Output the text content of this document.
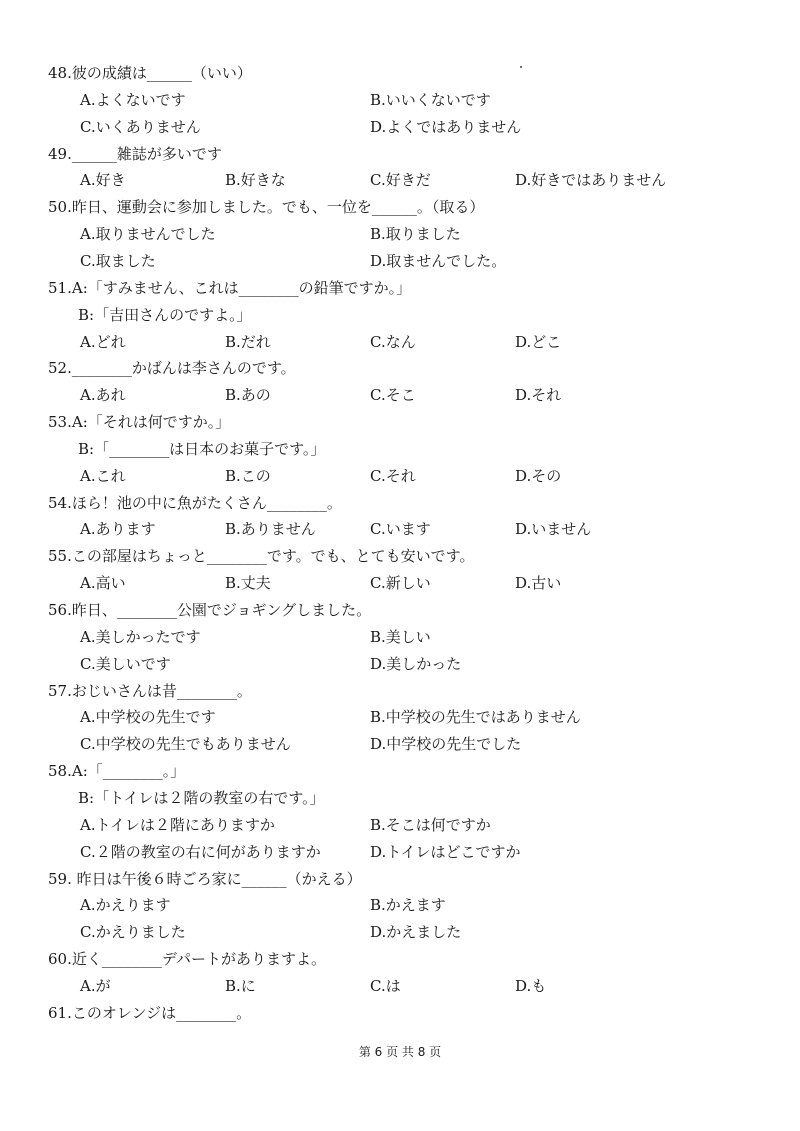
48.彼の成績は______（いい）
A.よくないです	B.いいくないです
C.いくありません	D.よくではありません
49.______雑誌が多いです
A.好き	B.好きな	C.好きだ	D.好きではありません
50.昨日、運動会に参加しました。でも、一位を______。（取る）
A.取りませんでした	B.取りました
C.取ました	D.取ませんでした。
51.A:「すみません、これは________の鉛筆ですか。」
B:「吉田さんのですよ。」
A.どれ	B.だれ	C.なん	D.どこ
52.________かばんは李さんのです。
A.あれ	B.あの	C.そこ	D.それ
53.A:「それは何ですか。」
B:「________は日本のお菓子です。」
A.これ	B.この	C.それ	D.その
54.ほら！池の中に魚がたくさん________。
A.あります	B.ありません	C.います	D.いません
55.この部屋はちょっと________です。でも、とても安いです。
A.高い	B.丈夫	C.新しい	D.古い
56.昨日、________公園でジョギングしました。
A.美しかったです	B.美しい
C.美しいです	D.美しかった
57.おじいさんは昔________。
A.中学校の先生です	B.中学校の先生ではありません
C.中学校の先生でもありません	D.中学校の先生でした
58.A:「________。」
B:「トイレは２階の教室の右です。」
A.トイレは２階にありますか	B.そこは何ですか
C.２階の教室の右に何がありますか	D.トイレはどこですか
59. 昨日は午後６時ごろ家に______（かえる）
A.かえります	B.かえます
C.かえりました	D.かえました
60.近く________デパートがありますよ。
A.が	B.に	C.は	D.も
61.このオレンジは________。
第 6 页 共 8 页
